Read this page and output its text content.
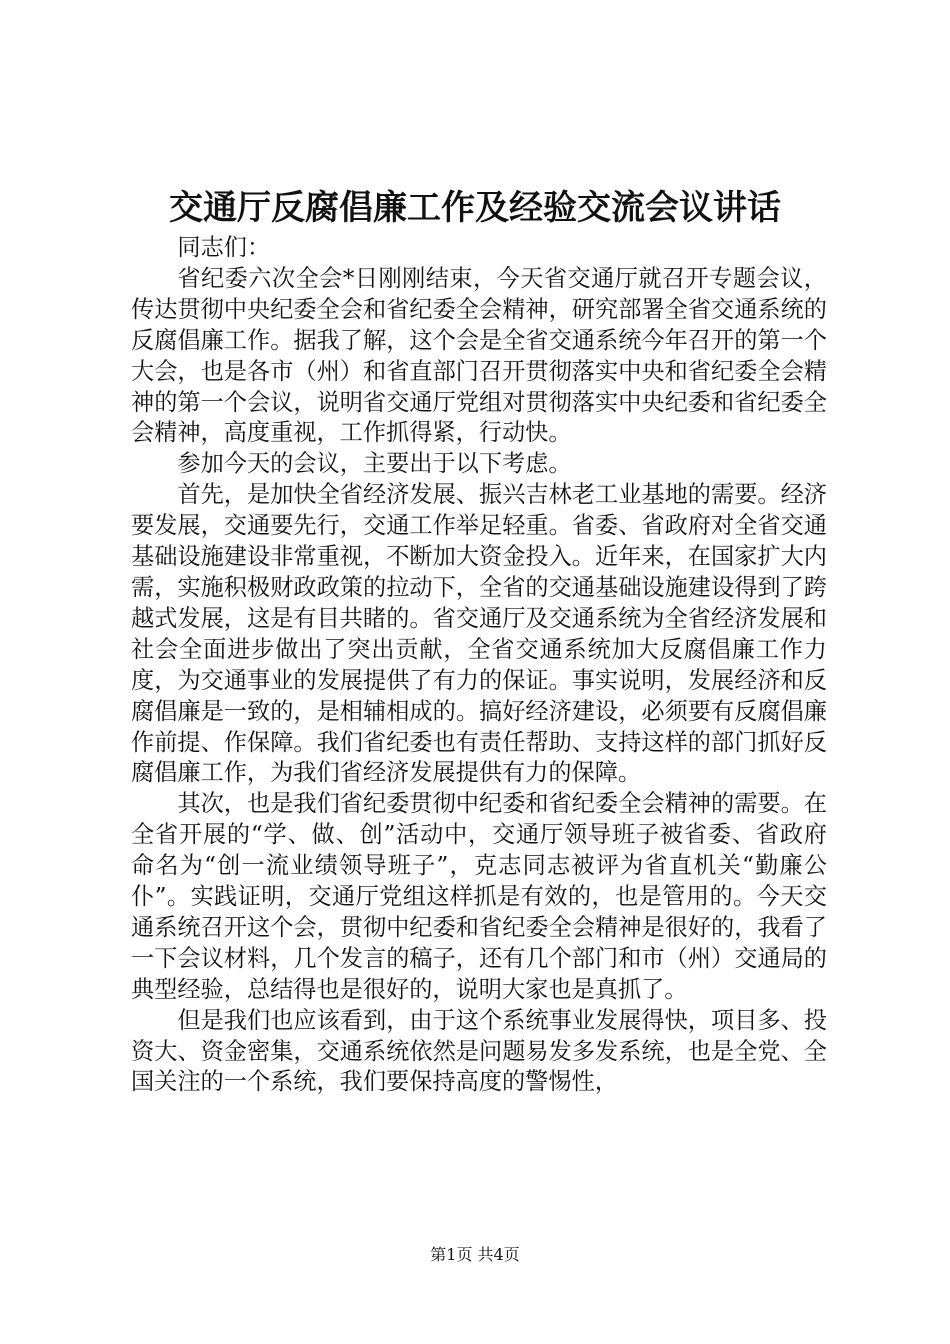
交通厅反腐倡廉工作及经验交流会议讲话

同志们：

省纪委六次全会*日刚刚结束，今天省交通厅就召开专题会议，传达贯彻中央纪委全会和省纪委全会精神，研究部署全省交通系统的反腐倡廉工作。据我了解，这个会是全省交通系统今年召开的第一个大会，也是各市（州）和省直部门召开贯彻落实中央和省纪委全会精神的第一个会议，说明省交通厅党组对贯彻落实中央纪委和省纪委全会精神，高度重视，工作抓得紧，行动快。

参加今天的会议，主要出于以下考虑。

首先，是加快全省经济发展、振兴吉林老工业基地的需要。经济要发展，交通要先行，交通工作举足轻重。省委、省政府对全省交通基础设施建设非常重视，不断加大资金投入。近年来，在国家扩大内需，实施积极财政政策的拉动下，全省的交通基础设施建设得到了跨越式发展，这是有目共睹的。省交通厅及交通系统为全省经济发展和社会全面进步做出了突出贡献，全省交通系统加大反腐倡廉工作力度，为交通事业的发展提供了有力的保证。事实说明，发展经济和反腐倡廉是一致的，是相辅相成的。搞好经济建设，必须要有反腐倡廉作前提、作保障。我们省纪委也有责任帮助、支持这样的部门抓好反腐倡廉工作，为我们省经济发展提供有力的保障。

其次，也是我们省纪委贯彻中纪委和省纪委全会精神的需要。在全省开展的“学、做、创”活动中，交通厅领导班子被省委、省政府命名为“创一流业绩领导班子”，克志同志被评为省直机关“勤廉公仆”。实践证明，交通厅党组这样抓是有效的，也是管用的。今天交通系统召开这个会，贯彻中纪委和省纪委全会精神是很好的，我看了一下会议材料，几个发言的稿子，还有几个部门和市（州）交通局的典型经验，总结得也是很好的，说明大家也是真抓了。

但是我们也应该看到，由于这个系统事业发展得快，项目多、投资大、资金密集，交通系统依然是问题易发多发系统，也是全党、全国关注的一个系统，我们要保持高度的警惕性，

第1页 共4页
